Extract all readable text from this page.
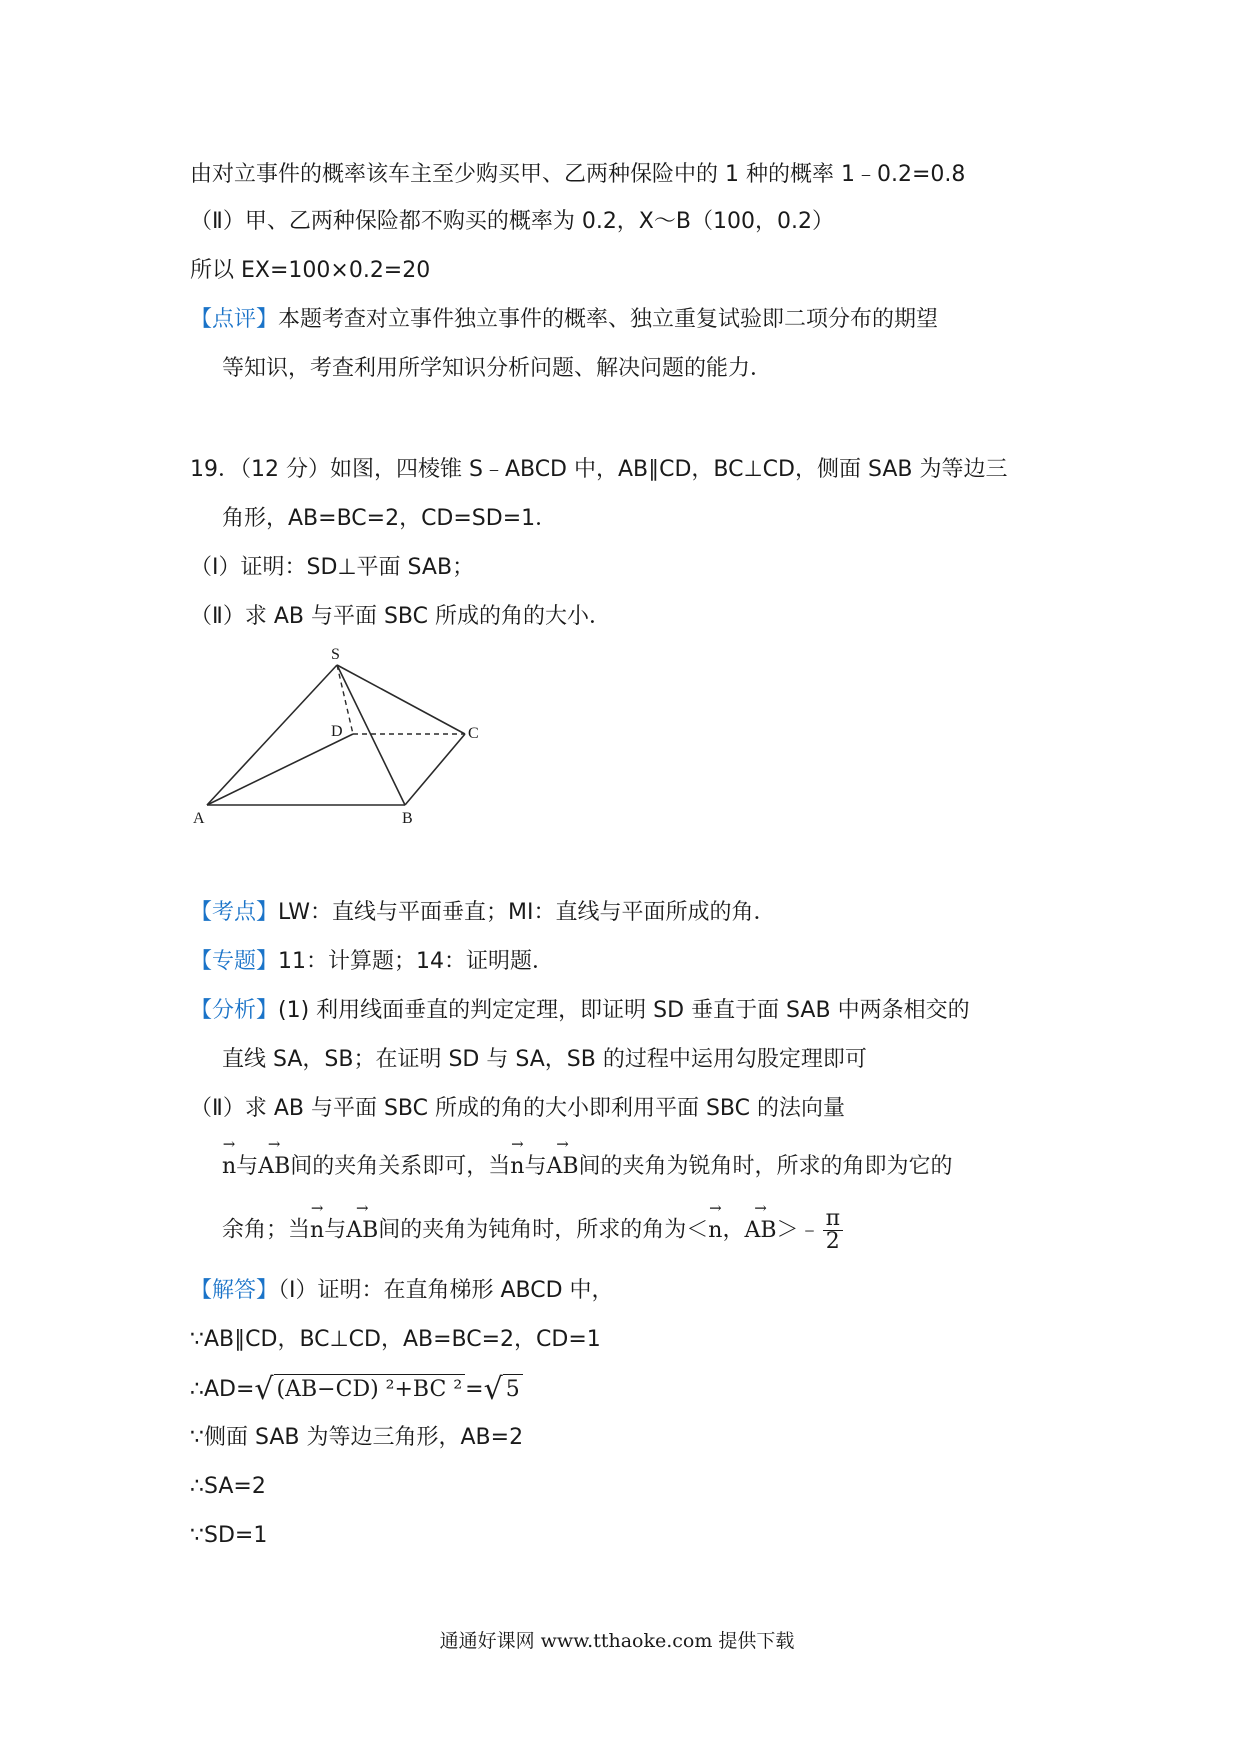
由对立事件的概率该车主至少购买甲、乙两种保险中的 1 种的概率 1﹣0.2=0.8
（Ⅱ）甲、乙两种保险都不购买的概率为 0.2，X～B（100，0.2）
所以 EX=100×0.2=20
【点评】本题考查对立事件独立事件的概率、独立重复试验即二项分布的期望
等知识，考查利用所学知识分析问题、解决问题的能力．
19．（12 分）如图，四棱锥 S﹣ABCD 中，AB∥CD，BC⊥CD，侧面 SAB 为等边三
角形，AB=BC=2，CD=SD=1．
（Ⅰ）证明：SD⊥平面 SAB；
（Ⅱ）求 AB 与平面 SBC 所成的角的大小．
S
D	C
A	B
【考点】LW：直线与平面垂直；MI：直线与平面所成的角．
【专题】11：计算题；14：证明题．
【分析】(1) 利用线面垂直的判定定理，即证明 SD 垂直于面 SAB 中两条相交的
直线 SA，SB；在证明 SD 与 SA，SB 的过程中运用勾股定理即可
（Ⅱ）求 AB 与平面 SBC 所成的角的大小即利用平面 SBC 的法向量
→ n与→ AB间的夹角关系即可，当→ n与→ AB间的夹角为锐角时，所求的角即为它的
余角；当→ n与→ AB间的夹角为钝角时，所求的角为＜→ n，→ AB＞﹣ $\frac{\pi}{2}$
【解答】（Ⅰ）证明：在直角梯形 ABCD 中，
∵AB∥CD，BC⊥CD，AB=BC=2，CD=1
∴AD=√ (AB−CD) ²+BC ² =√ 5
∵侧面 SAB 为等边三角形，AB=2
∴SA=2
∵SD=1
通通好课网 www.tthaoke.com 提供下载
